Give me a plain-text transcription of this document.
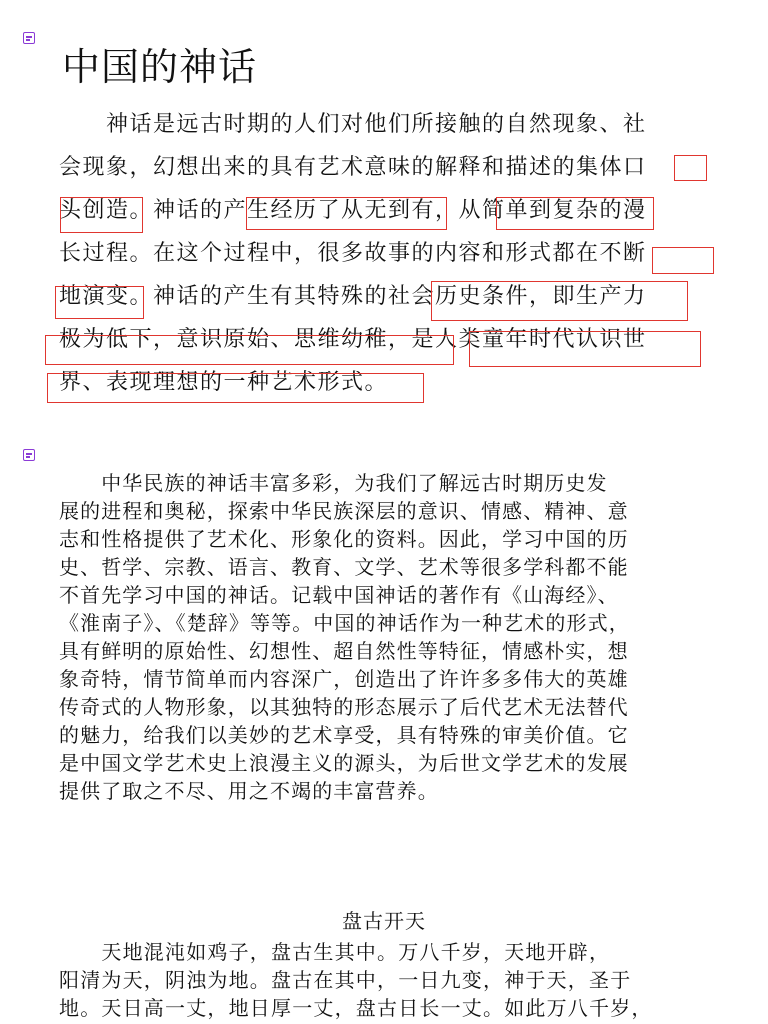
中国的神话
　　神话是远古时期的人们对他们所接触的自然现象、社
会现象，幻想出来的具有艺术意味的解释和描述的集体口
头创造。神话的产生经历了从无到有，从简单到复杂的漫
长过程。在这个过程中，很多故事的内容和形式都在不断
地演变。神话的产生有其特殊的社会历史条件，即生产力
极为低下，意识原始、思维幼稚，是人类童年时代认识世
界、表现理想的一种艺术形式。
　　中华民族的神话丰富多彩，为我们了解远古时期历史发
展的进程和奥秘，探索中华民族深层的意识、情感、精神、意
志和性格提供了艺术化、形象化的资料。因此，学习中国的历
史、哲学、宗教、语言、教育、文学、艺术等很多学科都不能
不首先学习中国的神话。记载中国神话的著作有《山海经》、
《淮南子》、《楚辞》等等。中国的神话作为一种艺术的形式，
具有鲜明的原始性、幻想性、超自然性等特征，情感朴实，想
象奇特，情节简单而内容深广，创造出了许许多多伟大的英雄
传奇式的人物形象，以其独特的形态展示了后代艺术无法替代
的魅力，给我们以美妙的艺术享受，具有特殊的审美价值。它
是中国文学艺术史上浪漫主义的源头，为后世文学艺术的发展
提供了取之不尽、用之不竭的丰富营养。
盘古开天
　　天地混沌如鸡子，盘古生其中。万八千岁，天地开辟，
阳清为天，阴浊为地。盘古在其中，一日九变，神于天，圣于
地。天日高一丈，地日厚一丈，盘古日长一丈。如此万八千岁，
